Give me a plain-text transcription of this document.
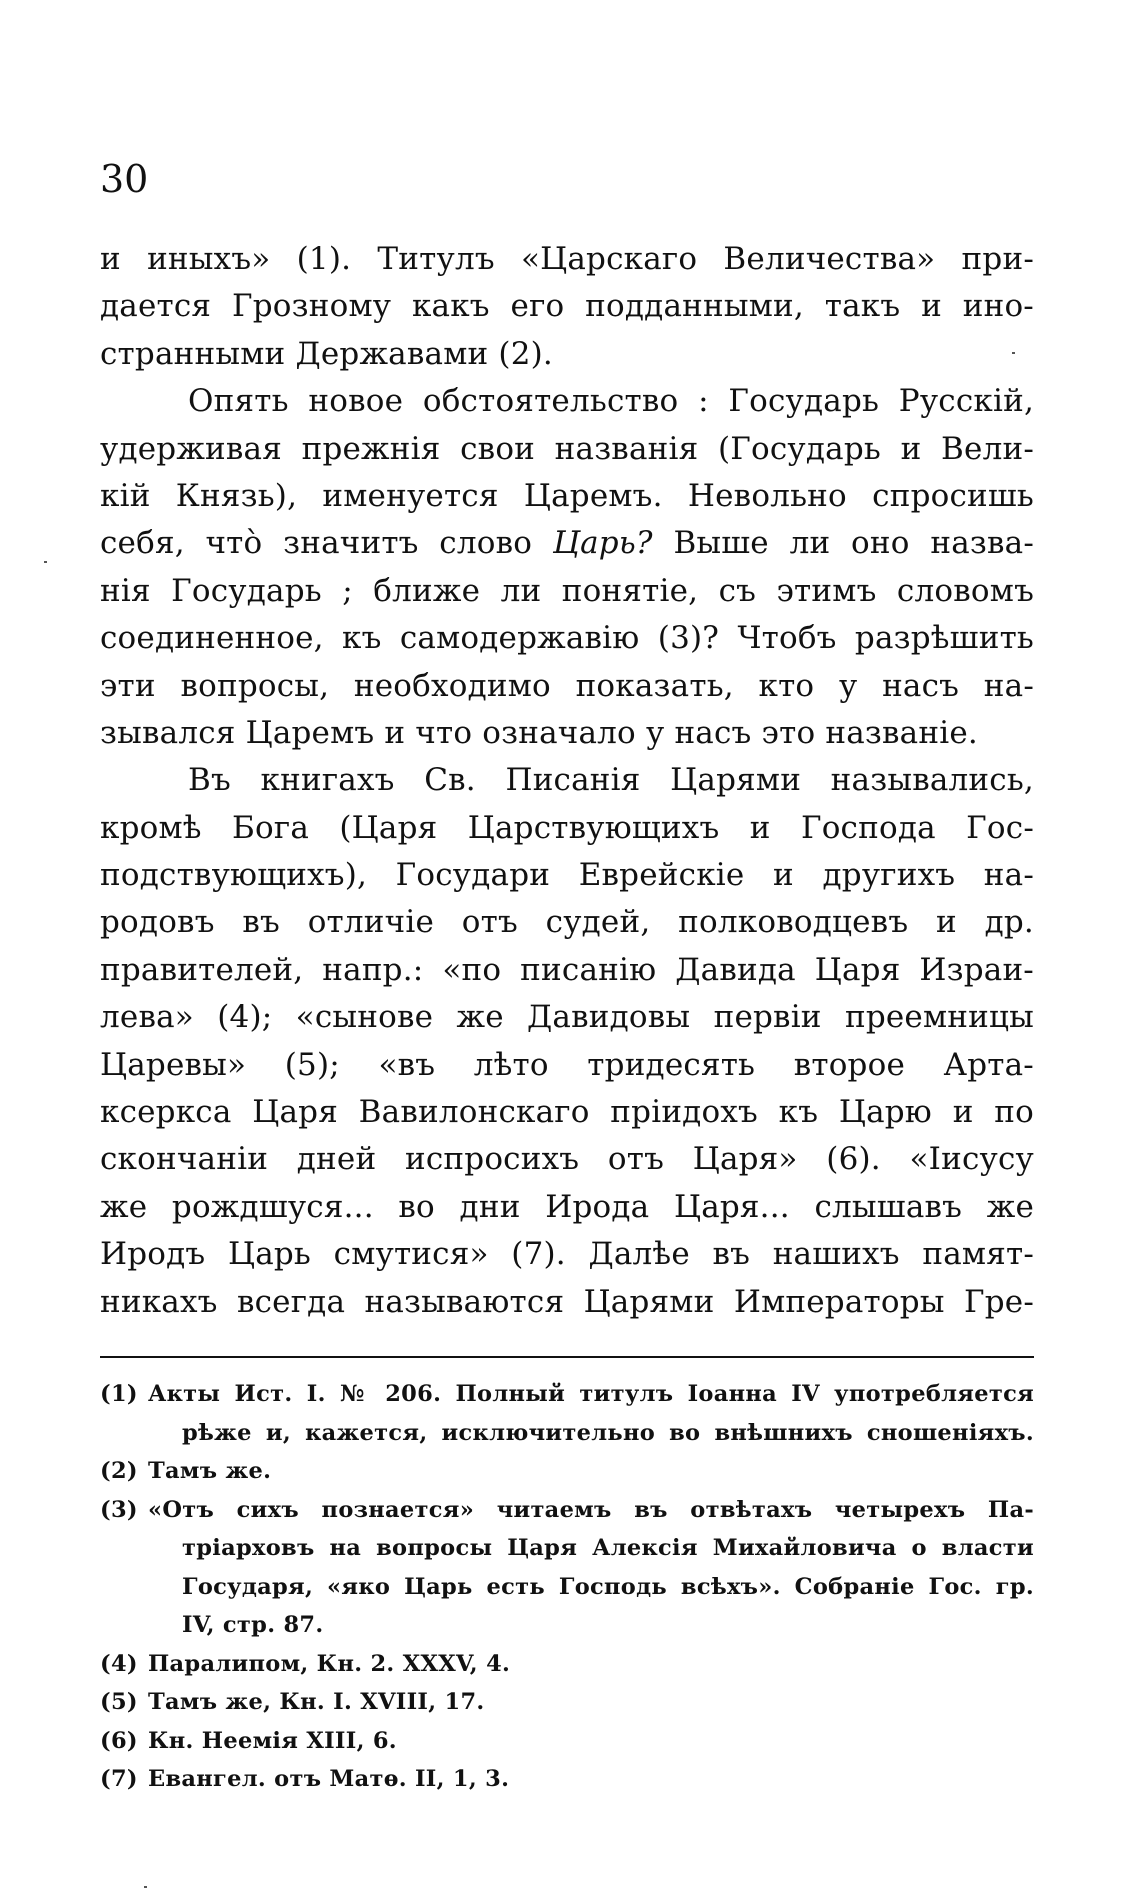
30
и иныхъ» (1). Титулъ «Царскаго Величества» при-
дается Грозному какъ его подданными, такъ и ино-
странными Державами (2).
Опять новое обстоятельство : Государь Русскій,
удерживая прежнія свои названія (Государь и Вели-
кій Князь), именуется Царемъ. Невольно спросишь
себя, чтò значитъ слово Царь? Выше ли оно назва-
нія Государь ; ближе ли понятіе, съ этимъ словомъ
соединенное, къ самодержавію (3)? Чтобъ разрѣшить
эти вопросы, необходимо показать, кто у насъ на-
зывался Царемъ и что означало у насъ это названіе.
Въ книгахъ Св. Писанія Царями назывались,
кромѣ Бога (Царя Царствующихъ и Господа Гос-
подствующихъ), Государи Еврейскіе и другихъ на-
родовъ въ отличіе отъ судей, полководцевъ и др.
правителей, напр.: «по писанію Давида Царя Израи-
лева» (4); «сынове же Давидовы первіи преемницы
Царевы» (5); «въ лѣто тридесять второе Арта-
ксеркса Царя Вавилонскаго пріидохъ къ Царю и по
скончаніи дней испросихъ отъ Царя» (6). «Іисусу
же рождшуся... во дни Ирода Царя... слышавъ же
Иродъ Царь смутися» (7). Далѣе въ нашихъ памят-
никахъ всегда называются Царями Императоры Гре-
(1) Акты Ист. I. № 206. Полный титулъ Іоанна IV употребляется
рѣже и, кажется, исключительно во внѣшнихъ сношеніяхъ.
(2) Тамъ же.
(3) «Отъ сихъ познается» читаемъ въ отвѣтахъ четырехъ Па-
тріарховъ на вопросы Царя Алексія Михайловича о власти
Государя, «яко Царь есть Господь всѣхъ». Собраніе Гос. гр.
IV, стр. 87.
(4) Паралипом, Кн. 2. XXXV, 4.
(5) Тамъ же, Кн. I. XVIII, 17.
(6) Кн. Неемія XIII, 6.
(7) Евангел. отъ Матѳ. II, 1, 3.
